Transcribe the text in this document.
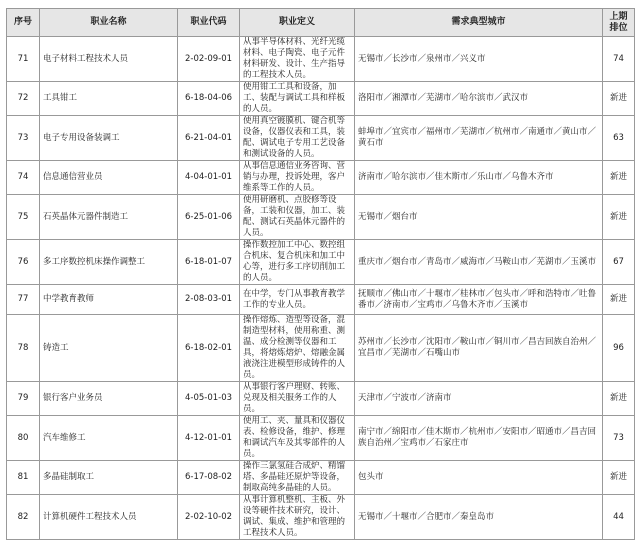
序号	职业名称	职业代码	职业定义	需求典型城市	上期排位
71	电子材料工程技术人员	2-02-09-01	从事半导体材料、光纤光缆材料、电子陶瓷、电子元件材料研发、设计、生产指导的工程技术人员。	无锡市／长沙市／泉州市／兴义市	74
72	工具钳工	6-18-04-06	使用钳工工具和设备，加工、装配与调试工具和样板的人员。	洛阳市／湘潭市／芜湖市／哈尔滨市／武汉市	新进
73	电子专用设备装调工	6-21-04-01	使用真空镀膜机、键合机等设备，仪器仪表和工具，装配、调试电子专用工艺设备和测试设备的人员。	蚌埠市／宜宾市／福州市／芜湖市／杭州市／南通市／黄山市／黄石市	63
74	信息通信营业员	4-04-01-01	从事信息通信业务咨询、营销与办理，投诉处理，客户维系等工作的人员。	济南市／哈尔滨市／佳木斯市／乐山市／乌鲁木齐市	新进
75	石英晶体元器件制造工	6-25-01-06	使用研磨机、点胶修等设备，工装和仪器，加工、装配、测试石英晶体元器件的人员。	无锡市／烟台市	新进
76	多工序数控机床操作调整工	6-18-01-07	操作数控加工中心、数控组合机床、复合机床和加工中心等，进行多工序切削加工的人员。	重庆市／烟台市／青岛市／威海市／马鞍山市／芜湖市／玉溪市	67
77	中学教育教师	2-08-03-01	在中学，专门从事教育教学工作的专业人员。	抚顺市／佛山市／十堰市／桂林市／包头市／呼和浩特市／吐鲁番市／济南市／宝鸡市／乌鲁木齐市／玉溪市	新进
78	铸造工	6-18-02-01	操作熔炼、造型等设备，混制造型材料，使用称重、测温、成分检测等仪器和工具，将熔炼熔炉、熔融金属液浇注进模型形成铸件的人员。	苏州市／长沙市／沈阳市／鞍山市／铜川市／昌吉回族自治州／宜昌市／芜湖市／石嘴山市	96
79	银行客户业务员	4-05-01-03	从事银行客户理财、转账、兑现及相关服务工作的人员。	天津市／宁波市／济南市	新进
80	汽车维修工	4-12-01-01	使用工、夹、量具和仪器仪表、检修设备，维护、修理和调试汽车及其零部件的人员。	南宁市／绵阳市／佳木斯市／杭州市／安阳市／昭通市／昌吉回族自治州／宝鸡市／石家庄市	73
81	多晶硅制取工	6-17-08-02	操作三氯氢硅合成炉、精馏塔、多晶硅还原炉等设备，制取高纯多晶硅的人员。	包头市	新进
82	计算机硬件工程技术人员	2-02-10-02	从事计算机整机、主板、外设等硬件技术研究，设计、调试、集成、维护和管理的工程技术人员。	无锡市／十堰市／合肥市／秦皇岛市	44
